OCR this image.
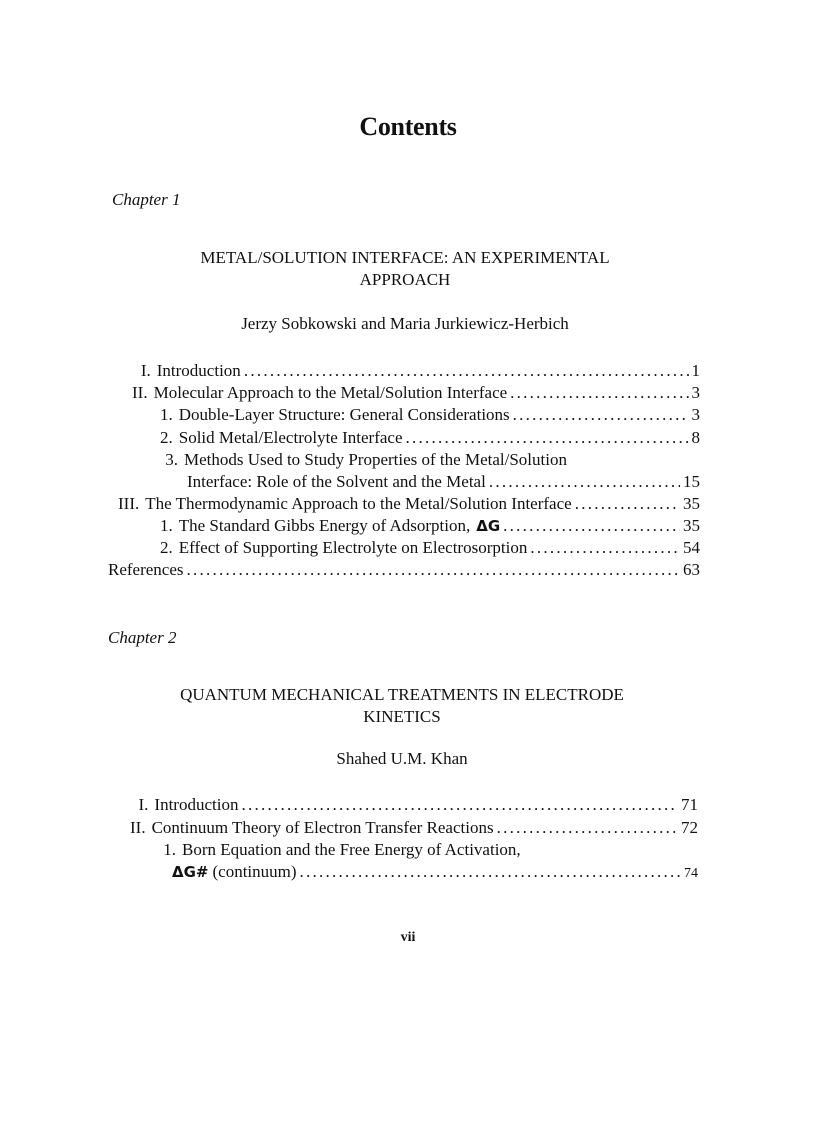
Contents
Chapter 1
METAL/SOLUTION INTERFACE: AN EXPERIMENTAL
APPROACH
Jerzy Sobkowski and Maria Jurkiewicz-Herbich
I. Introduction . . .	1
II. Molecular Approach to the Metal/Solution Interface . . .	3
1. Double-Layer Structure: General Considerations . . .	3
2. Solid Metal/Electrolyte Interface . . .	8
3. Methods Used to Study Properties of the Metal/Solution
Interface: Role of the Solvent and the Metal . . .	15
III. The Thermodynamic Approach to the Metal/Solution Interface . . .	35
1. The Standard Gibbs Energy of Adsorption, ΔG . . .	35
2. Effect of Supporting Electrolyte on Electrosorption . . .	54
References . . .	63
Chapter 2
QUANTUM MECHANICAL TREATMENTS IN ELECTRODE
KINETICS
Shahed U.M. Khan
I. Introduction . . .	71
II. Continuum Theory of Electron Transfer Reactions . . .	72
1. Born Equation and the Free Energy of Activation,
ΔG# (continuum) . . .	74
vii
